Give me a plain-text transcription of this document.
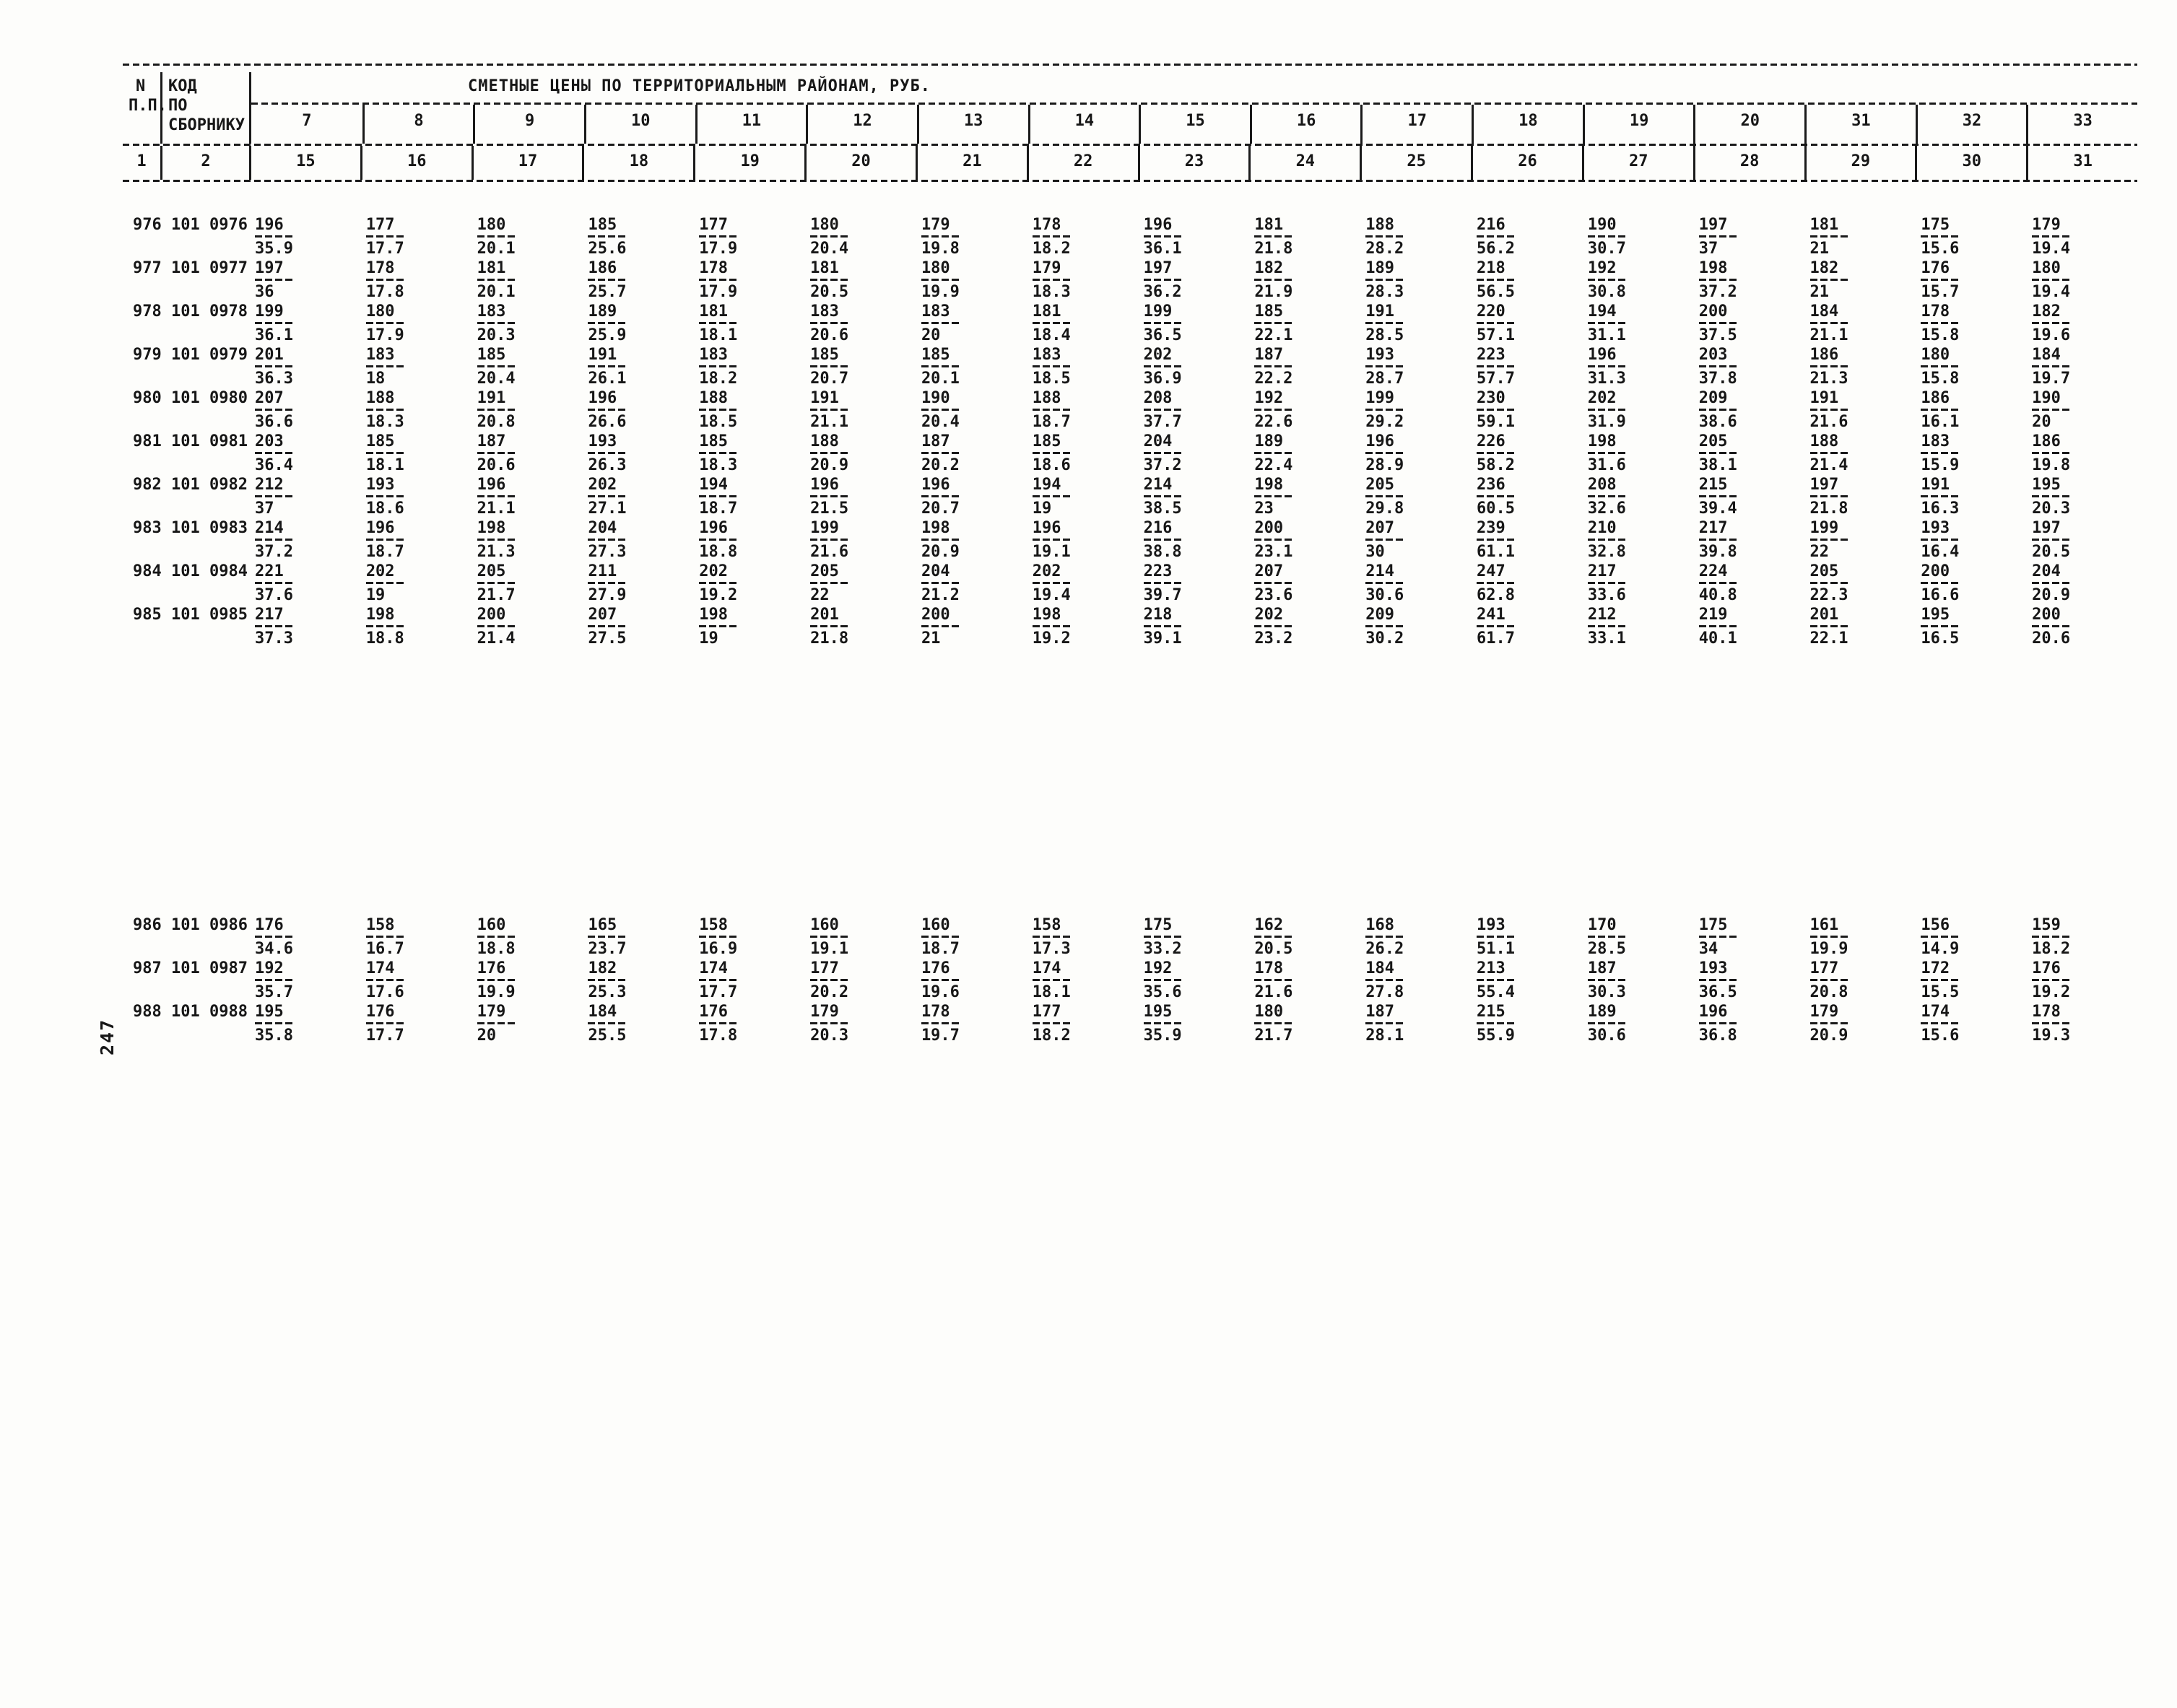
247
N
П.П.
КОД
ПО
СБОРНИКУ
СМЕТНЫЕ ЦЕНЫ ПО ТЕРРИТОРИАЛЬНЫМ РАЙОНАМ, РУБ.
7	8	9	10	11	12	13	14	15	16	17	18	19	20	31	32	33
1	2	15	16	17	18	19	20	21	22	23	24	25	26	27	28	29	30	31
976 101 $0976 \frac{196}{35.9} \frac{177}{17.7} \frac{180}{20.1} \frac{185}{25.6} \frac{177}{17.9} \frac{180}{20.4} \frac{179}{19.8} \frac{178}{18.2} \frac{196}{36.1} \frac{181}{21.8} \frac{188}{28.2} \frac{216}{56.2} \frac{190}{30.7} \frac{197}{37} \frac{181}{21} \frac{175}{15.6} \frac{179}{19.4}$
977 101 $0977 \frac{197}{36} \frac{178}{17.8} \frac{181}{20.1} \frac{186}{25.7} \frac{178}{17.9} \frac{181}{20.5} \frac{180}{19.9} \frac{179}{18.3} \frac{197}{36.2} \frac{182}{21.9} \frac{189}{28.3} \frac{218}{56.5} \frac{192}{30.8} \frac{198}{37.2} \frac{182}{21} \frac{176}{15.7} \frac{180}{19.4}$
978 101 $0978 \frac{199}{36.1} \frac{180}{17.9} \frac{183}{20.3} \frac{189}{25.9} \frac{181}{18.1} \frac{183}{20.6} \frac{183}{20} \frac{181}{18.4} \frac{199}{36.5} \frac{185}{22.1} \frac{191}{28.5} \frac{220}{57.1} \frac{194}{31.1} \frac{200}{37.5} \frac{184}{21.1} \frac{178}{15.8} \frac{182}{19.6}$
979 101 $0979 \frac{201}{36.3} \frac{183}{18} \frac{185}{20.4} \frac{191}{26.1} \frac{183}{18.2} \frac{185}{20.7} \frac{185}{20.1} \frac{183}{18.5} \frac{202}{36.9} \frac{187}{22.2} \frac{193}{28.7} \frac{223}{57.7} \frac{196}{31.3} \frac{203}{37.8} \frac{186}{21.3} \frac{180}{15.8} \frac{184}{19.7}$
980 101 $0980 \frac{207}{36.6} \frac{188}{18.3} \frac{191}{20.8} \frac{196}{26.6} \frac{188}{18.5} \frac{191}{21.1} \frac{190}{20.4} \frac{188}{18.7} \frac{208}{37.7} \frac{192}{22.6} \frac{199}{29.2} \frac{230}{59.1} \frac{202}{31.9} \frac{209}{38.6} \frac{191}{21.6} \frac{186}{16.1} \frac{190}{20}$
981 101 $0981 \frac{203}{36.4} \frac{185}{18.1} \frac{187}{20.6} \frac{193}{26.3} \frac{185}{18.3} \frac{188}{20.9} \frac{187}{20.2} \frac{185}{18.6} \frac{204}{37.2} \frac{189}{22.4} \frac{196}{28.9} \frac{226}{58.2} \frac{198}{31.6} \frac{205}{38.1} \frac{188}{21.4} \frac{183}{15.9} \frac{186}{19.8}$
982 101 $0982 \frac{212}{37} \frac{193}{18.6} \frac{196}{21.1} \frac{202}{27.1} \frac{194}{18.7} \frac{196}{21.5} \frac{196}{20.7} \frac{194}{19} \frac{214}{38.5} \frac{198}{23} \frac{205}{29.8} \frac{236}{60.5} \frac{208}{32.6} \frac{215}{39.4} \frac{197}{21.8} \frac{191}{16.3} \frac{195}{20.3}$
983 101 $0983 \frac{214}{37.2} \frac{196}{18.7} \frac{198}{21.3} \frac{204}{27.3} \frac{196}{18.8} \frac{199}{21.6} \frac{198}{20.9} \frac{196}{19.1} \frac{216}{38.8} \frac{200}{23.1} \frac{207}{30} \frac{239}{61.1} \frac{210}{32.8} \frac{217}{39.8} \frac{199}{22} \frac{193}{16.4} \frac{197}{20.5}$
984 101 $0984 \frac{221}{37.6} \frac{202}{19} \frac{205}{21.7} \frac{211}{27.9} \frac{202}{19.2} \frac{205}{22} \frac{204}{21.2} \frac{202}{19.4} \frac{223}{39.7} \frac{207}{23.6} \frac{214}{30.6} \frac{247}{62.8} \frac{217}{33.6} \frac{224}{40.8} \frac{205}{22.3} \frac{200}{16.6} \frac{204}{20.9}$
985 101 $0985 \frac{217}{37.3} \frac{198}{18.8} \frac{200}{21.4} \frac{207}{27.5} \frac{198}{19} \frac{201}{21.8} \frac{200}{21} \frac{198}{19.2} \frac{218}{39.1} \frac{202}{23.2} \frac{209}{30.2} \frac{241}{61.7} \frac{212}{33.1} \frac{219}{40.1} \frac{201}{22.1} \frac{195}{16.5} \frac{200}{20.6}$
986 101 $0986 \frac{176}{34.6} \frac{158}{16.7} \frac{160}{18.8} \frac{165}{23.7} \frac{158}{16.9} \frac{160}{19.1} \frac{160}{18.7} \frac{158}{17.3} \frac{175}{33.2} \frac{162}{20.5} \frac{168}{26.2} \frac{193}{51.1} \frac{170}{28.5} \frac{175}{34} \frac{161}{19.9} \frac{156}{14.9} \frac{159}{18.2}$
987 101 $0987 \frac{192}{35.7} \frac{174}{17.6} \frac{176}{19.9} \frac{182}{25.3} \frac{174}{17.7} \frac{177}{20.2} \frac{176}{19.6} \frac{174}{18.1} \frac{192}{35.6} \frac{178}{21.6} \frac{184}{27.8} \frac{213}{55.4} \frac{187}{30.3} \frac{193}{36.5} \frac{177}{20.8} \frac{172}{15.5} \frac{176}{19.2}$
988 101 $0988 \frac{195}{35.8} \frac{176}{17.7} \frac{179}{20} \frac{184}{25.5} \frac{176}{17.8} \frac{179}{20.3} \frac{178}{19.7} \frac{177}{18.2} \frac{195}{35.9} \frac{180}{21.7} \frac{187}{28.1} \frac{215}{55.9} \frac{189}{30.6} \frac{196}{36.8} \frac{179}{20.9} \frac{174}{15.6} \frac{178}{19.3}$
